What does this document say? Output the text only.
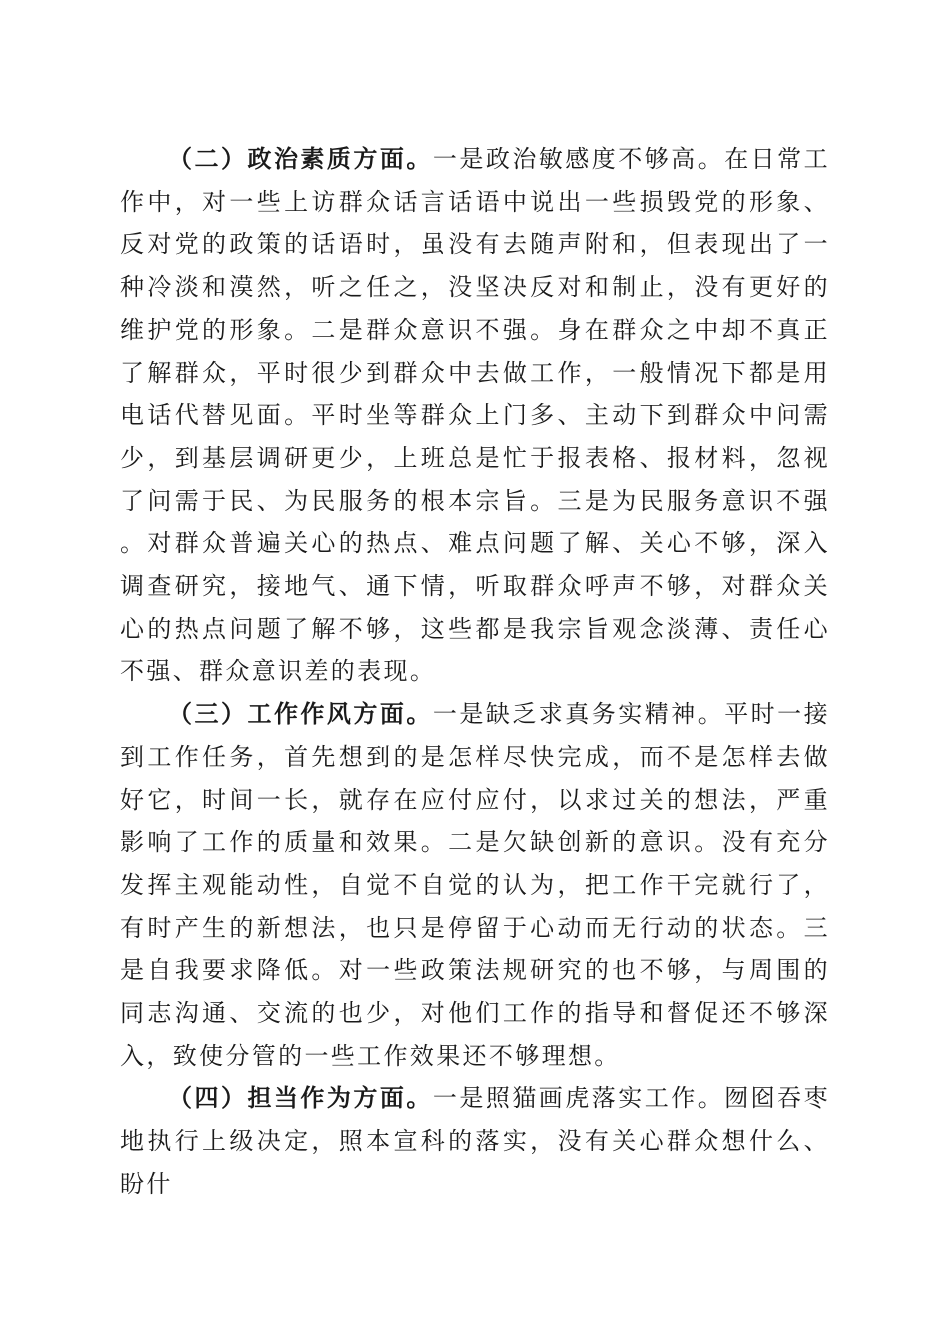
（二）政治素质方面。一是政治敏感度不够高。在日常工作中，对一些上访群众话言话语中说出一些损毁党的形象、反对党的政策的话语时，虽没有去随声附和，但表现出了一种冷淡和漠然，听之任之，没坚决反对和制止，没有更好的维护党的形象。二是群众意识不强。身在群众之中却不真正了解群众，平时很少到群众中去做工作，一般情况下都是用电话代替见面。平时坐等群众上门多、主动下到群众中问需少，到基层调研更少，上班总是忙于报表格、报材料，忽视了问需于民、为民服务的根本宗旨。三是为民服务意识不强。对群众普遍关心的热点、难点问题了解、关心不够，深入调查研究，接地气、通下情，听取群众呼声不够，对群众关心的热点问题了解不够，这些都是我宗旨观念淡薄、责任心不强、群众意识差的表现。

（三）工作作风方面。一是缺乏求真务实精神。平时一接到工作任务，首先想到的是怎样尽快完成，而不是怎样去做好它，时间一长，就存在应付应付，以求过关的想法，严重影响了工作的质量和效果。二是欠缺创新的意识。没有充分发挥主观能动性，自觉不自觉的认为，把工作干完就行了，有时产生的新想法，也只是停留于心动而无行动的状态。三是自我要求降低。对一些政策法规研究的也不够，与周围的同志沟通、交流的也少，对他们工作的指导和督促还不够深入，致使分管的一些工作效果还不够理想。

（四）担当作为方面。一是照猫画虎落实工作。囫囵吞枣地执行上级决定，照本宣科的落实，没有关心群众想什么、盼什
